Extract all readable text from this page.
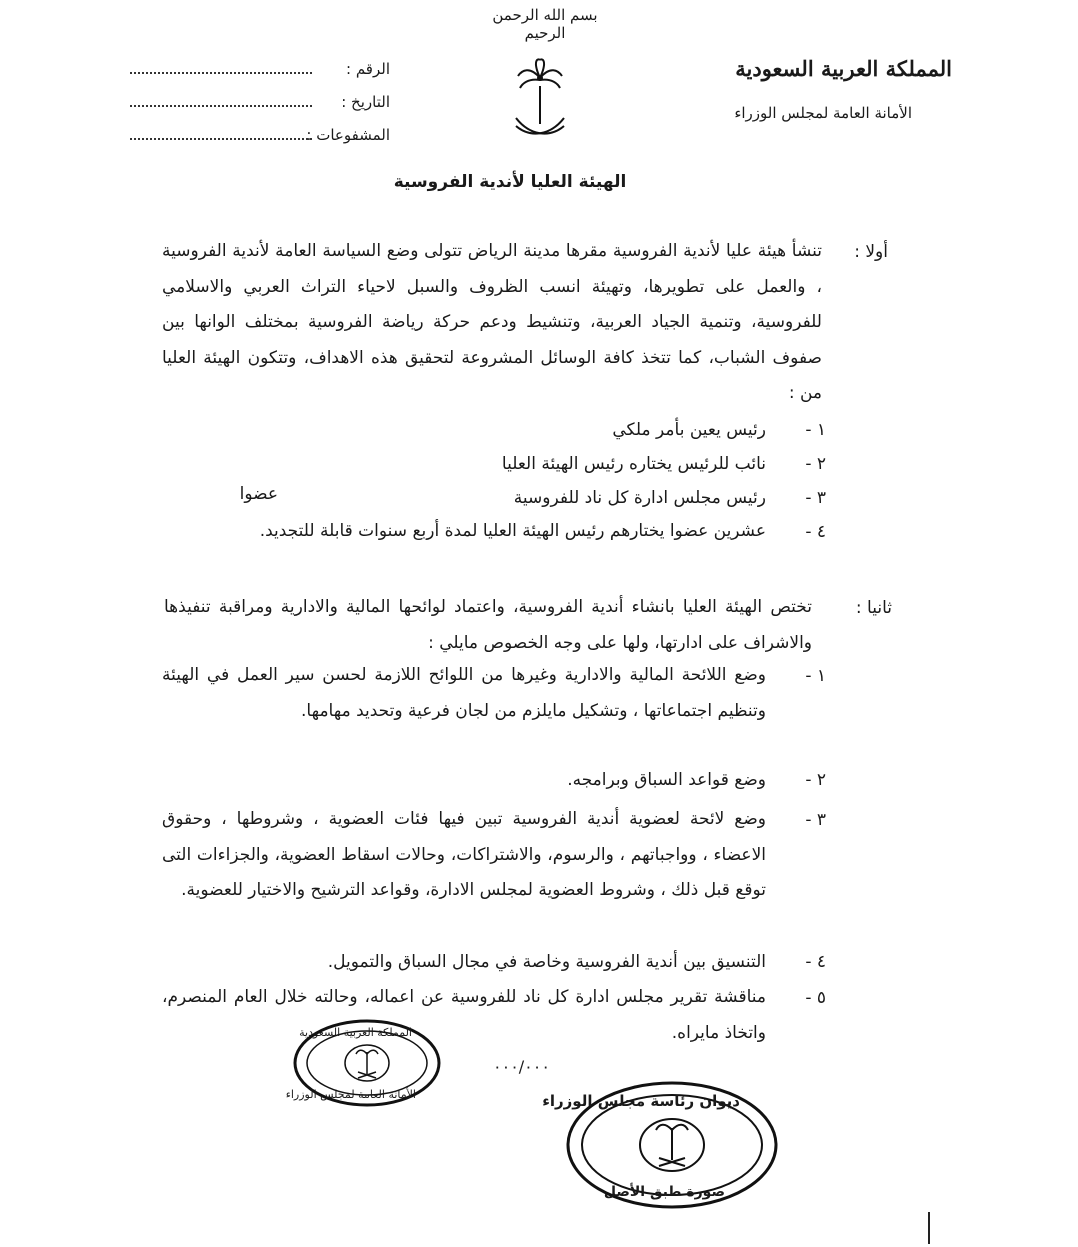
بسم الله الرحمن الرحيم
المملكة العربية السعودية
الأمانة العامة لمجلس الوزراء
الرقم :
التاريخ :
المشفوعات :
الهيئة العليا لأندية الفروسية
أولا :
تنشأ هيئة عليا لأندية الفروسية مقرها مدينة الرياض تتولى وضع السياسة العامة لأندية الفروسية ، والعمل على تطويرها، وتهيئة انسب الظروف والسبل لاحياء التراث العربي والاسلامي للفروسية، وتنمية الجياد العربية، وتنشيط ودعم حركة رياضة الفروسية بمختلف الوانها بين صفوف الشباب، كما تتخذ كافة الوسائل المشروعة لتحقيق هذه الاهداف، وتتكون الهيئة العليا من :
١ -
رئيس يعين بأمر ملكي
٢ -
نائب للرئيس يختاره رئيس الهيئة العليا
٣ -
رئيس مجلس ادارة كل ناد للفروسية
عضوا
٤ -
عشرين عضوا يختارهم رئيس الهيئة العليا لمدة أربع سنوات قابلة للتجديد.
ثانيا :
تختص الهيئة العليا بانشاء أندية الفروسية، واعتماد لوائحها المالية والادارية ومراقبة تنفيذها والاشراف على ادارتها، ولها على وجه الخصوص مايلي :
١ -
وضع اللائحة المالية والادارية وغيرها من اللوائح اللازمة لحسن سير العمل في الهيئة وتنظيم اجتماعاتها ، وتشكيل مايلزم من لجان فرعية وتحديد مهامها.
٢ -
وضع قواعد السباق وبرامجه.
٣ -
وضع لائحة لعضوية أندية الفروسية تبين فيها فئات العضوية ، وشروطها ، وحقوق الاعضاء ، وواجباتهم ، والرسوم، والاشتراكات، وحالات اسقاط العضوية، والجزاءات التى توقع قبل ذلك ، وشروط العضوية لمجلس الادارة، وقواعد الترشيح والاختيار للعضوية.
٤ -
التنسيق بين أندية الفروسية وخاصة في مجال السباق والتمويل.
٥ -
مناقشة تقرير مجلس ادارة كل ناد للفروسية عن اعماله، وحالته خلال العام المنصرم، واتخاذ مايراه.
٠٠٠/٠٠٠
المملكة العربية السعودية
الأمانة العامة لمجلس الوزراء	ديوان رئاسة مجلس الوزراء
صورة طبق الأصل
